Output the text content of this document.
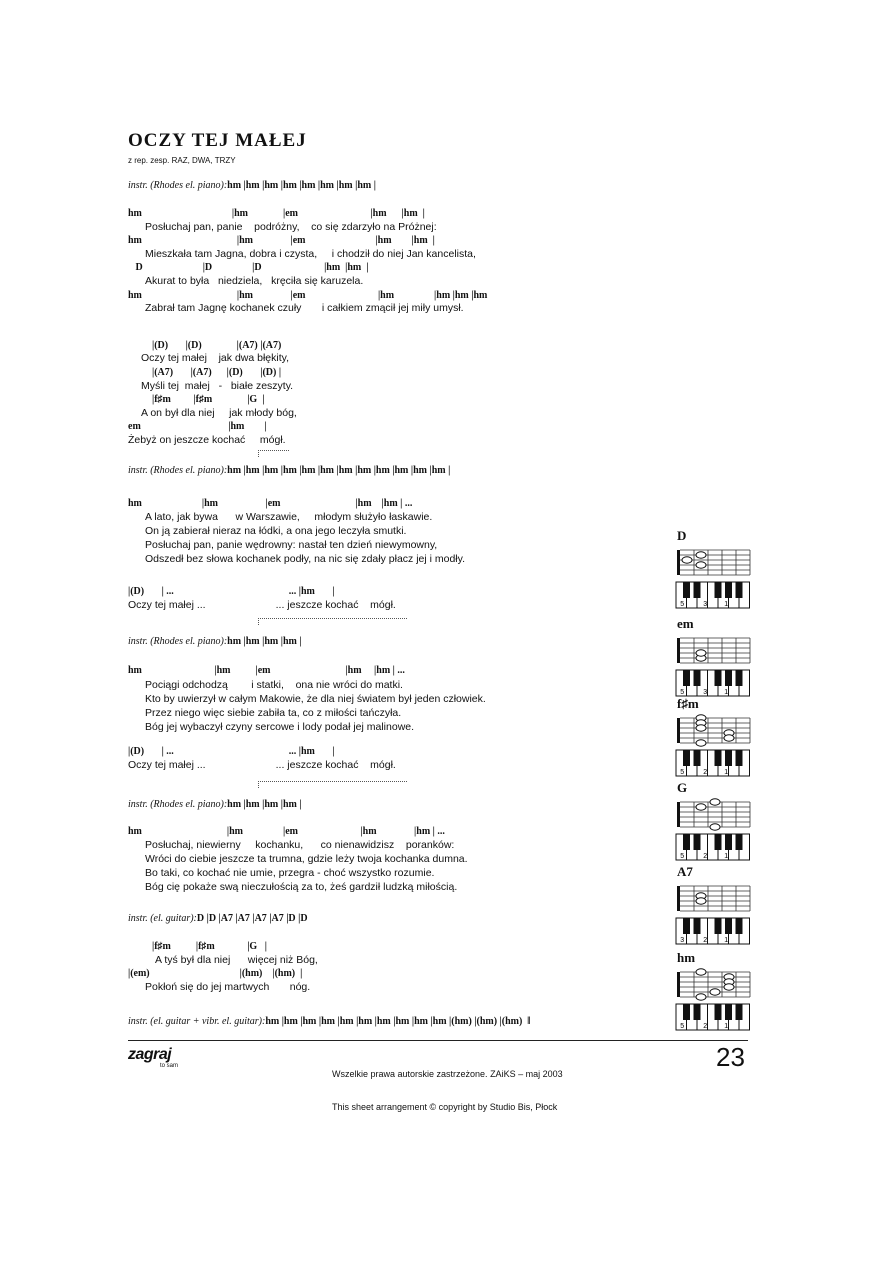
OCZY TEJ MAŁEJ
z rep. zesp. RAZ, DWA, TRZY
instr. (Rhodes el. piano):hm |hm |hm |hm |hm |hm |hm |hm |
hm                                    |hm              |em                             |hm      |hm  |
Posłuchaj pan, panie    podróżny,    co się zdarzyło na Próżnej:
hm                                      |hm               |em                            |hm        |hm  |
Mieszkała tam Jagna, dobra i czysta,     i chodził do niej Jan kancelista,
D                        |D                |D                         |hm  |hm  |
Akurat to była   niedziela,   kręciła się karuzela.
hm                                      |hm               |em                             |hm                |hm |hm |hm
Zabrał tam Jagnę kochanek czuły       i całkiem zmącił jej miły umysł.
|(D)       |(D)              |(A7) |(A7)
Oczy tej małej    jak dwa błękity,
|(A7)       |(A7)      |(D)       |(D) |
Myśli tej  małej   -   białe zeszyty.
|f♯m         |f♯m              |G  |
A on był dla niej     jak młody bóg,
em                                   |hm        |
Żebyż on jeszcze kochać     mógł.
instr. (Rhodes el. piano):hm |hm |hm |hm |hm |hm |hm |hm |hm |hm |hm |hm |
hm                        |hm                   |em                              |hm    |hm | ...
A lato, jak bywa      w Warszawie,     młodym służyło łaskawie.
On ją zabierał nieraz na łódki, a ona jego leczyła smutki.
Posłuchaj pan, panie wędrowny: nastał ten dzień niewymowny,
Odszedł bez słowa kochanek podły, na nic się zdały płacz jej i modły.
|(D)       | ...                                              ... |hm       |
Oczy tej małej ...                        ... jeszcze kochać    mógł.
instr. (Rhodes el. piano):hm |hm |hm |hm |
hm                             |hm          |em                              |hm     |hm | ...
Pociągi odchodzą        i statki,    ona nie wróci do matki.
Kto by uwierzył w całym Makowie, że dla niej światem był jeden człowiek.
Przez niego więc siebie zabiła ta, co z miłości tańczyła.
Bóg jej wybaczył czyny sercowe i lody podał jej malinowe.
|(D)       | ...                                              ... |hm       |
Oczy tej małej ...                        ... jeszcze kochać    mógł.
instr. (Rhodes el. piano):hm |hm |hm |hm |
hm                                  |hm                |em                         |hm               |hm | ...
Posłuchaj, niewierny     kochanku,      co nienawidzisz    poranków:
Wróci do ciebie jeszcze ta trumna, gdzie leży twoja kochanka dumna.
Bo taki, co kochać nie umie, przegra - choć wszystko rozumie.
Bóg cię pokaże swą nieczułością za to, żeś gardził ludzką miłością.
instr. (el. guitar):D |D |A7 |A7 |A7 |A7 |D |D
|f♯m          |f♯m             |G   |
A tyś był dla niej      więcej niż Bóg,
|(em)                                    |(hm)    |(hm)  |
Pokłoń się do jej martwych       nóg.
instr. (el. guitar + vibr. el. guitar):hm |hm |hm |hm |hm |hm |hm |hm |hm |hm |(hm) |(hm) |(hm)  ‖
D
5	3 1
em
5	3 1
f♯m
5	2 1
G
5	2 1
A7
3	2 1
hm
5	2 1
zagraj
to sam

Wszelkie prawa autorskie zastrzeżone. ZAiKS – maj 2003

This sheet arrangement © copyright by Studio Bis, Płock

23
